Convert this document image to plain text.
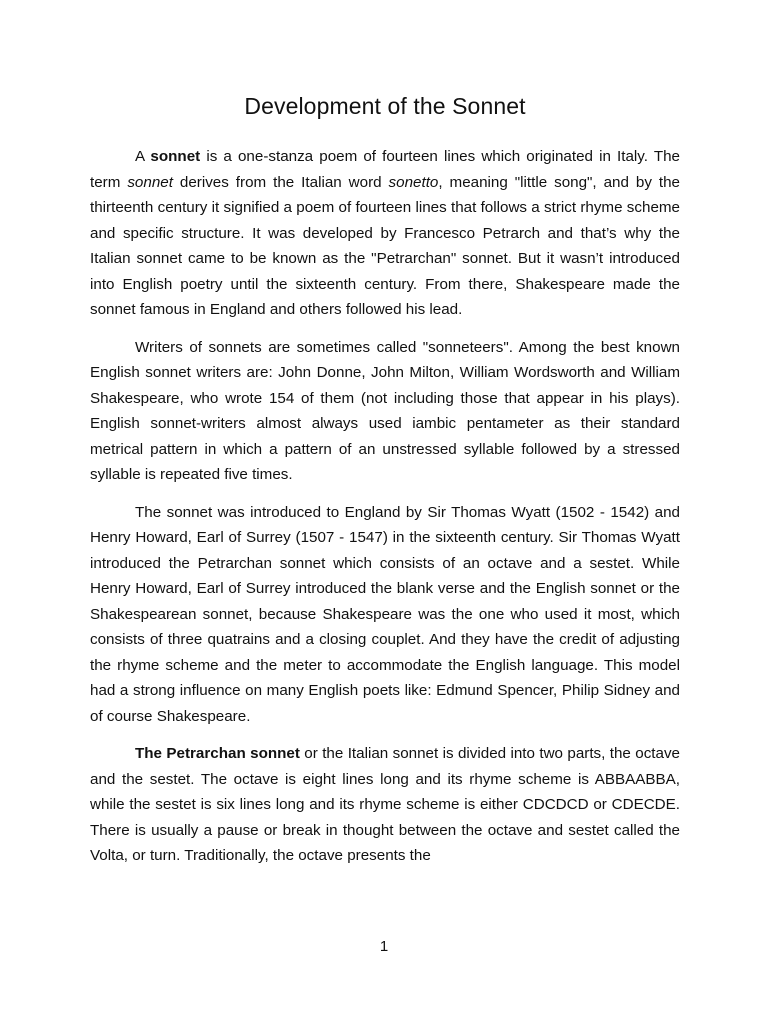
Development of the Sonnet

A sonnet is a one-stanza poem of fourteen lines which originated in Italy. The term sonnet derives from the Italian word sonetto, meaning "little song", and by the thirteenth century it signified a poem of fourteen lines that follows a strict rhyme scheme and specific structure. It was developed by Francesco Petrarch and that’s why the Italian sonnet came to be known as the "Petrarchan" sonnet. But it wasn’t introduced into English poetry until the sixteenth century. From there, Shakespeare made the sonnet famous in England and others followed his lead.

Writers of sonnets are sometimes called "sonneteers". Among the best known English sonnet writers are: John Donne, John Milton, William Wordsworth and William Shakespeare, who wrote 154 of them (not including those that appear in his plays). English sonnet-writers almost always used iambic pentameter as their standard metrical pattern in which a pattern of an unstressed syllable followed by a stressed syllable is repeated five times.

The sonnet was introduced to England by Sir Thomas Wyatt (1502 - 1542) and Henry Howard, Earl of Surrey (1507 - 1547) in the sixteenth century. Sir Thomas Wyatt introduced the Petrarchan sonnet which consists of an octave and a sestet. While Henry Howard, Earl of Surrey introduced the blank verse and the English sonnet or the Shakespearean sonnet, because Shakespeare was the one who used it most, which consists of three quatrains and a closing couplet. And they have the credit of adjusting the rhyme scheme and the meter to accommodate the English language. This model had a strong influence on many English poets like: Edmund Spencer, Philip Sidney and of course Shakespeare.

The Petrarchan sonnet or the Italian sonnet is divided into two parts, the octave and the sestet. The octave is eight lines long and its rhyme scheme is ABBAABBA, while the sestet is six lines long and its rhyme scheme is either CDCDCD or CDECDE. There is usually a pause or break in thought between the octave and sestet called the Volta, or turn. Traditionally, the octave presents the

1
